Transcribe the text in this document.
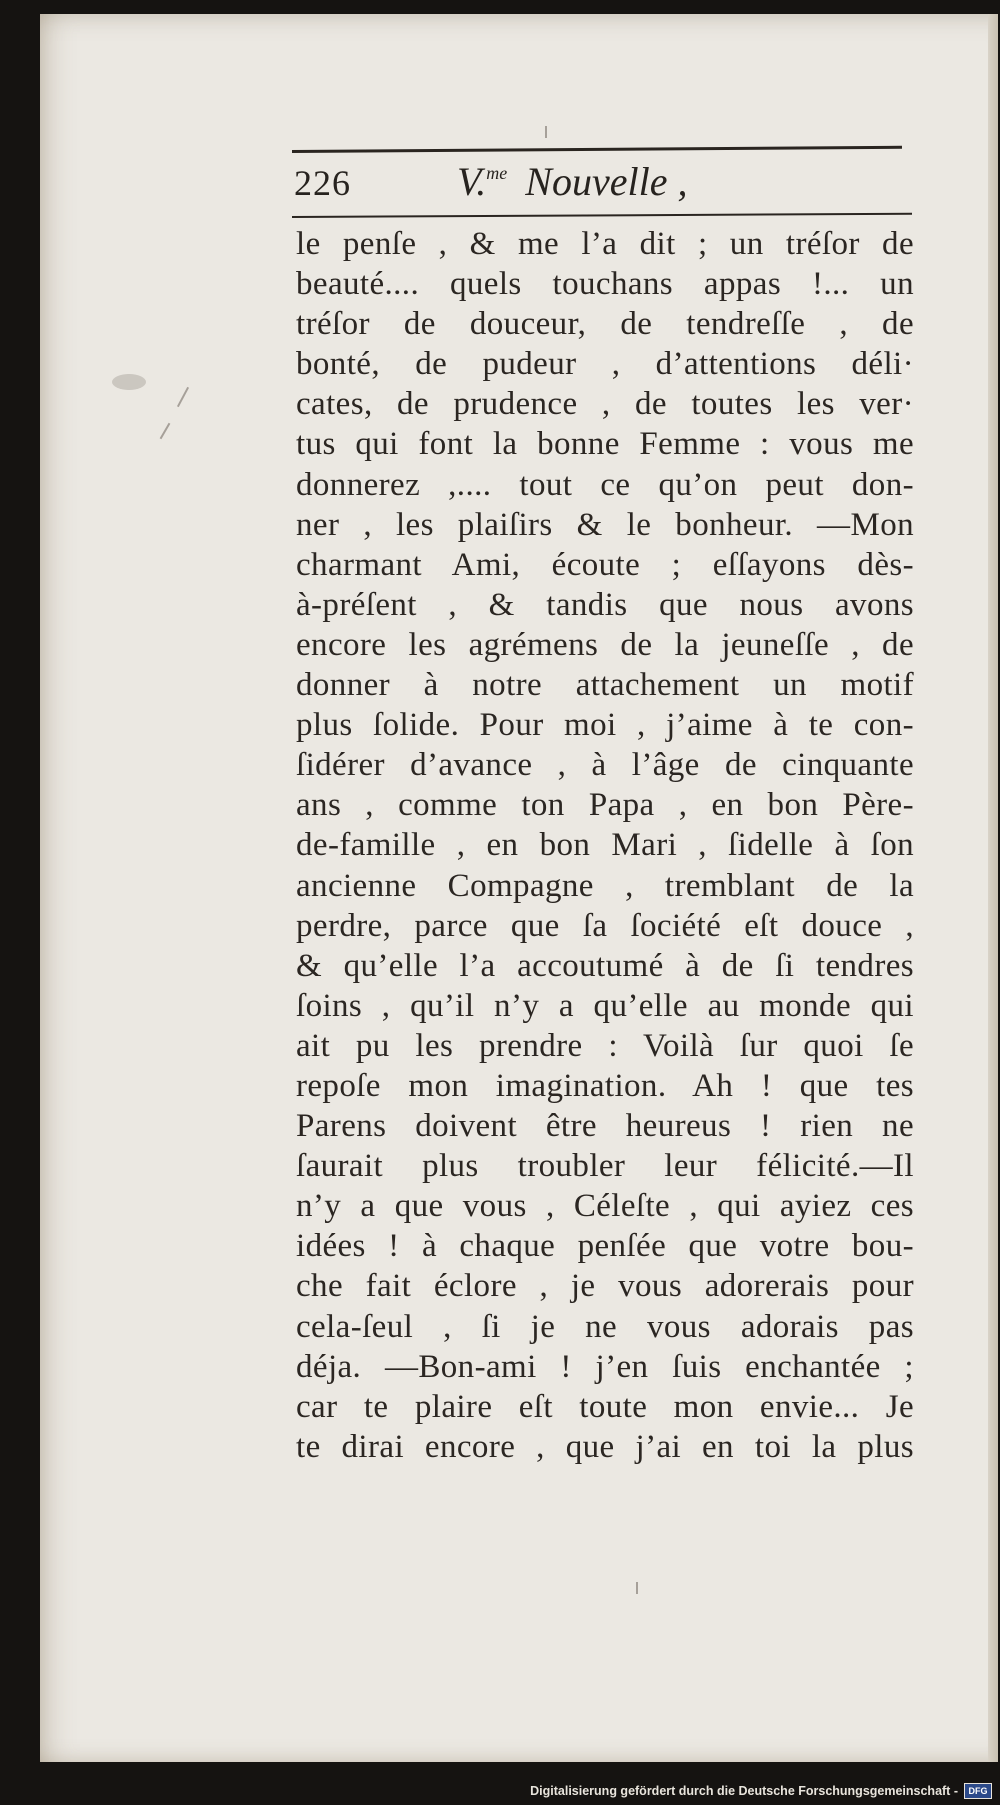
226	V.$^{me}$ Nouvelle ,
le penſe , & me l’a dit ; un tréſor de
beauté.... quels touchans appas !... un
tréſor de douceur, de tendreſſe , de
bonté, de pudeur , d’attentions déli·
cates, de prudence , de toutes les ver·
tus qui font la bonne Femme : vous me
donnerez ,.... tout ce qu’on peut don-
ner , les plaiſirs & le bonheur. —Mon
charmant Ami, écoute ; eſſayons dès-
à-préſent , & tandis que nous avons
encore les agrémens de la jeuneſſe , de
donner à notre attachement un motif
plus ſolide. Pour moi , j’aime à te con-
ſidérer d’avance , à l’âge de cinquante
ans , comme ton Papa , en bon Père-
de-famille , en bon Mari , ſidelle à ſon
ancienne Compagne , tremblant de la
perdre, parce que ſa ſociété eſt douce ,
& qu’elle l’a accoutumé à de ſi tendres
ſoins , qu’il n’y a qu’elle au monde qui
ait pu les prendre : Voilà ſur quoi ſe
repoſe mon imagination. Ah ! que tes
Parens doivent être heureus ! rien ne
ſaurait plus troubler leur félicité.—Il
n’y a que vous , Céleſte , qui ayiez ces
idées ! à chaque penſée que votre bou-
che fait éclore , je vous adorerais pour
cela-ſeul , ſi je ne vous adorais pas
déja. —Bon-ami ! j’en ſuis enchantée ;
car te plaire eſt toute mon envie... Je
te dirai encore , que j’ai en toi la plus
Digitalisierung gefördert durch die Deutsche Forschungsgemeinschaft -	DFG
